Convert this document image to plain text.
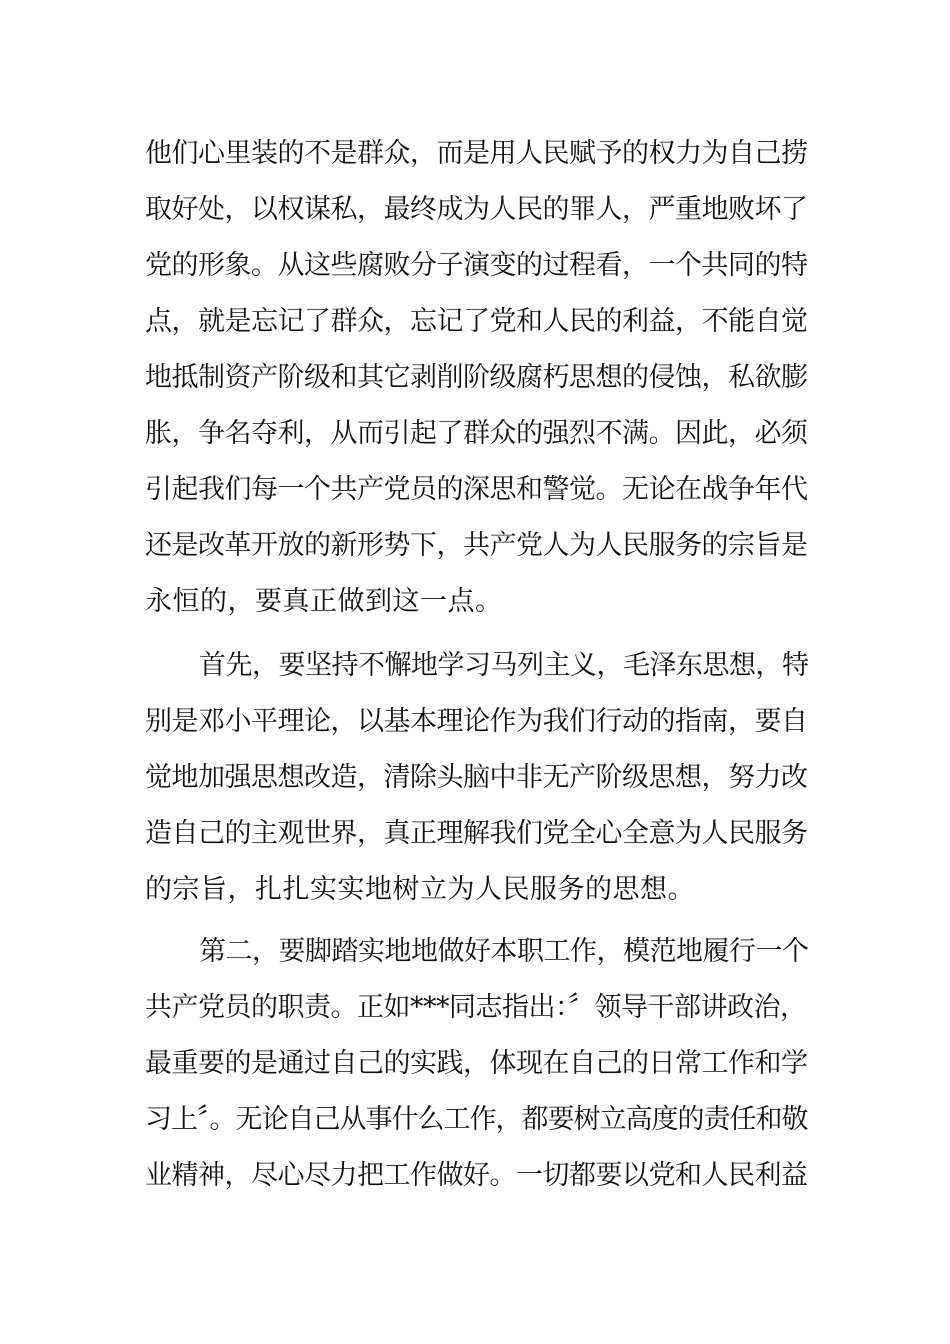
他们心里装的不是群众，而是用人民赋予的权力为自己捞
取好处，以权谋私，最终成为人民的罪人，严重地败坏了
党的形象。从这些腐败分子演变的过程看，一个共同的特
点，就是忘记了群众，忘记了党和人民的利益，不能自觉
地抵制资产阶级和其它剥削阶级腐朽思想的侵蚀，私欲膨
胀，争名夺利，从而引起了群众的强烈不满。因此，必须
引起我们每一个共产党员的深思和警觉。无论在战争年代
还是改革开放的新形势下，共产党人为人民服务的宗旨是
永恒的，要真正做到这一点。
首先，要坚持不懈地学习马列主义，毛泽东思想，特
别是邓小平理论，以基本理论作为我们行动的指南，要自
觉地加强思想改造，清除头脑中非无产阶级思想，努力改
造自己的主观世界，真正理解我们党全心全意为人民服务
的宗旨，扎扎实实地树立为人民服务的思想。
第二，要脚踏实地地做好本职工作，模范地履行一个
共产党员的职责。正如***同志指出：〞领导干部讲政治，
最重要的是通过自己的实践，体现在自己的日常工作和学
习上〞。无论自己从事什么工作，都要树立高度的责任和敬
业精神，尽心尽力把工作做好。一切都要以党和人民利益
